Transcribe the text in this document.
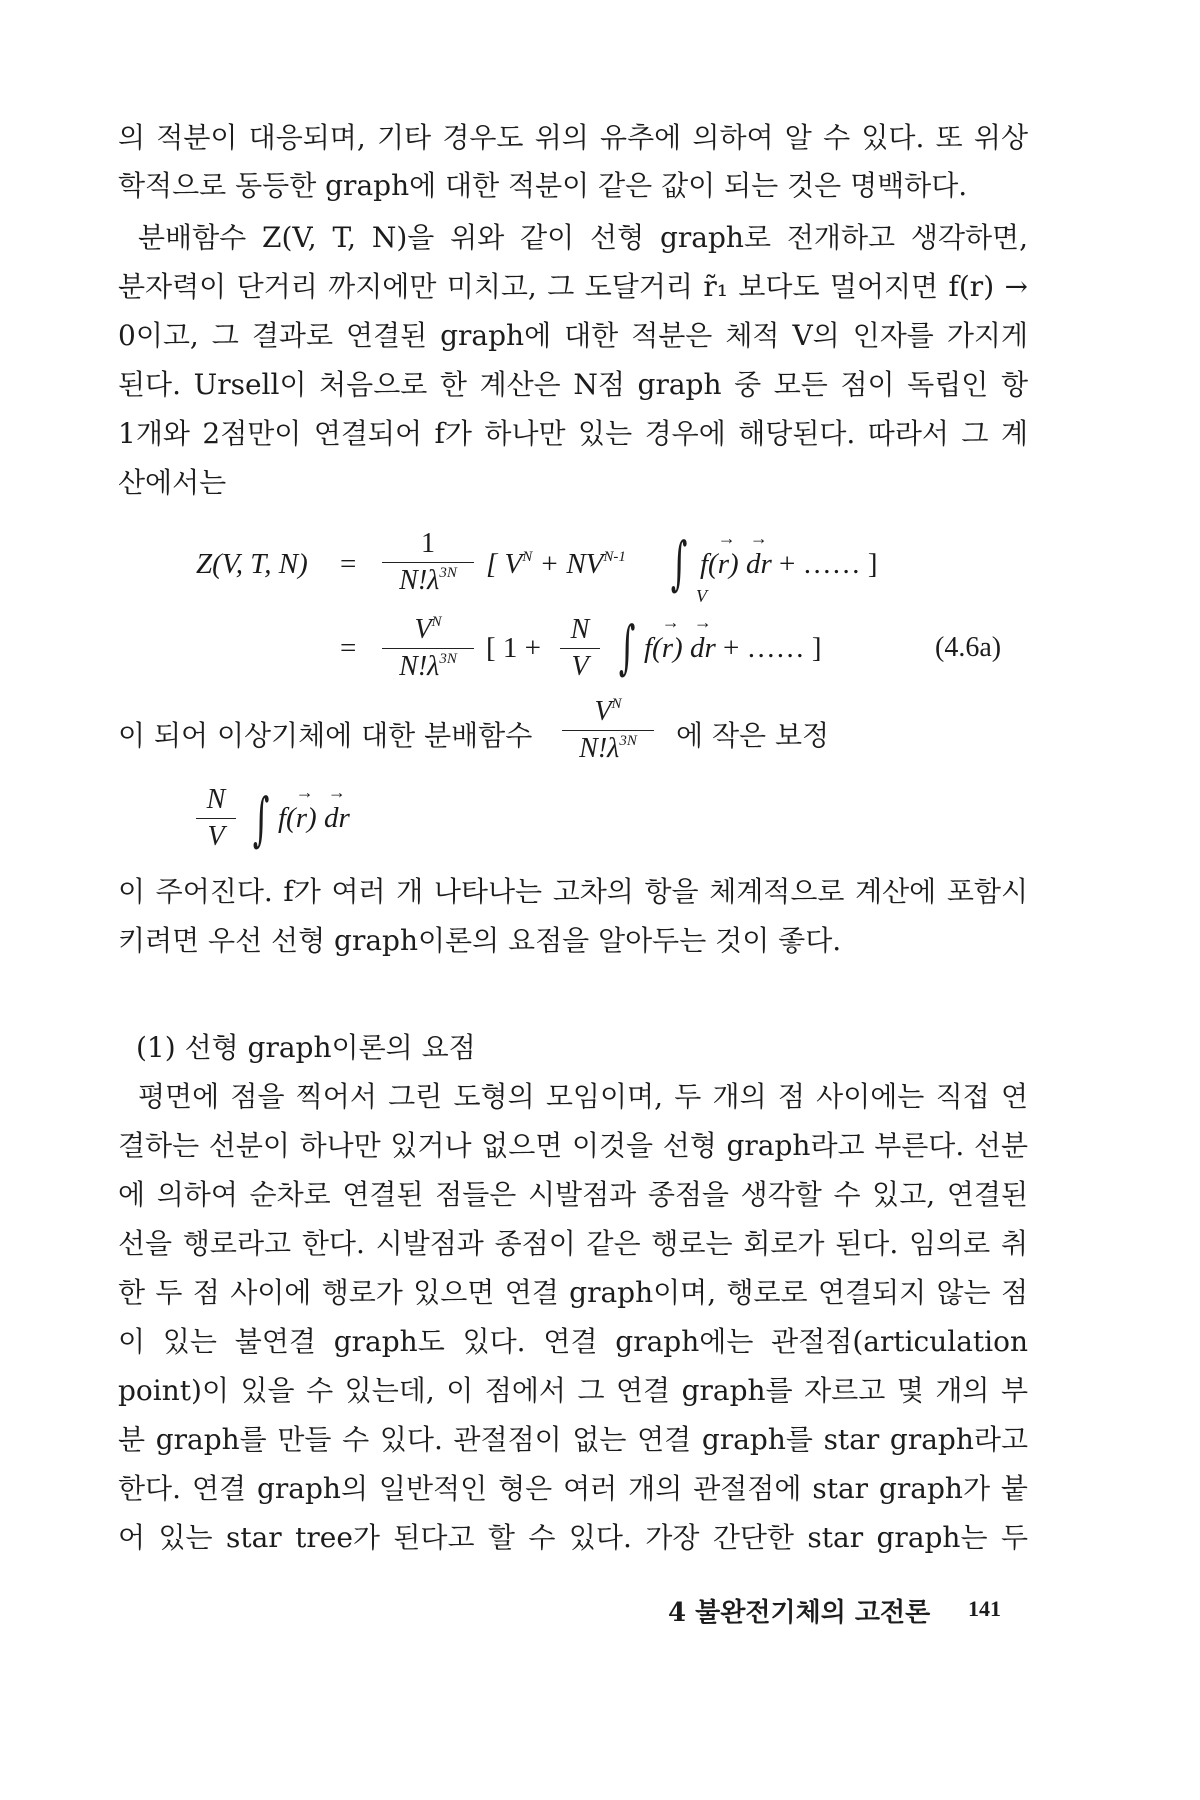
의 적분이 대응되며, 기타 경우도 위의 유추에 의하여 알 수 있다. 또 위상
학적으로 동등한 graph에 대한 적분이 같은 값이 되는 것은 명백하다.
분배함수 Z(V, T, N)을 위와 같이 선형 graph로 전개하고 생각하면,
분자력이 단거리 까지에만 미치고, 그 도달거리 r̃₁ 보다도 멀어지면 f(r) →
0이고, 그 결과로 연결된 graph에 대한 적분은 체적 V의 인자를 가지게
된다. Ursell이 처음으로 한 계산은 N점 graph 중 모든 점이 독립인 항
1개와 2점만이 연결되어 f가 하나만 있는 경우에 해당된다. 따라서 그 계
산에서는
Z(V, T, $N) = \frac{1}{N!\lambda^{3N}}$ [ $V^N + NV^{N-1}$ ∫ V
f(r →) dr → + …… ]
= $\frac{V^N}{N!\lambda^{3N}}$ [ $1 + \frac{N}{V}$ ∫ f(r →) dr → + …… ]	(4.6a)
이 되어 이상기체에 대한 분배함수	$\frac{V^N}{N!\lambda^{3N}}$ 에 작은 보정
$\frac{N}{V}$ ∫ f(r →) dr →
이 주어진다. f가 여러 개 나타나는 고차의 항을 체계적으로 계산에 포함시
키려면 우선 선형 graph이론의 요점을 알아두는 것이 좋다.
(1) 선형 graph이론의 요점
평면에 점을 찍어서 그린 도형의 모임이며, 두 개의 점 사이에는 직접 연
결하는 선분이 하나만 있거나 없으면 이것을 선형 graph라고 부른다. 선분
에 의하여 순차로 연결된 점들은 시발점과 종점을 생각할 수 있고, 연결된
선을 행로라고 한다. 시발점과 종점이 같은 행로는 회로가 된다. 임의로 취
한 두 점 사이에 행로가 있으면 연결 graph이며, 행로로 연결되지 않는 점
이 있는 불연결 graph도 있다. 연결 graph에는 관절점(articulation
point)이 있을 수 있는데, 이 점에서 그 연결 graph를 자르고 몇 개의 부
분 graph를 만들 수 있다. 관절점이 없는 연결 graph를 star graph라고
한다. 연결 graph의 일반적인 형은 여러 개의 관절점에 star graph가 붙
어 있는 star tree가 된다고 할 수 있다. 가장 간단한 star graph는 두
4 불완전기체의 고전론 141
